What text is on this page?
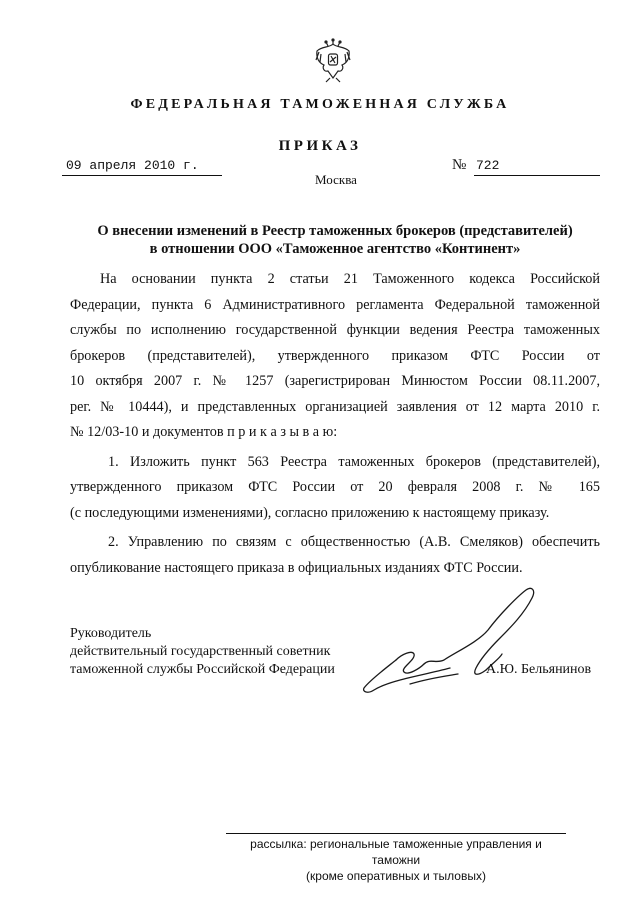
ФЕДЕРАЛЬНАЯ ТАМОЖЕННАЯ СЛУЖБА
ПРИКАЗ
09 апреля 2010 г.	№ 722
Москва
О внесении изменений в Реестр таможенных брокеров (представителей)
в отношении ООО «Таможенное агентство «Континент»
На основании пункта 2 статьи 21 Таможенного кодекса Российской
Федерации, пункта 6 Административного регламента Федеральной таможенной
службы по исполнению государственной функции ведения Реестра таможенных
брокеров (представителей), утвержденного приказом ФТС России от
10 октября 2007 г. № 1257 (зарегистрирован Минюстом России 08.11.2007,
рег. № 10444), и представленных организацией заявления от 12 марта 2010 г.
№ 12/03-10 и документов п р и к а з ы в а ю:
1. Изложить пункт 563 Реестра таможенных брокеров (представителей),
утвержденного приказом ФТС России от 20 февраля 2008 г. № 165
(с последующими изменениями), согласно приложению к настоящему приказу.
2. Управлению по связям с общественностью (А.В. Смеляков) обеспечить
опубликование настоящего приказа в официальных изданиях ФТС России.
Руководитель
действительный государственный советник
таможенной службы Российской Федерации	А.Ю. Бельянинов
рассылка: региональные таможенные управления и таможни
(кроме оперативных и тыловых)
